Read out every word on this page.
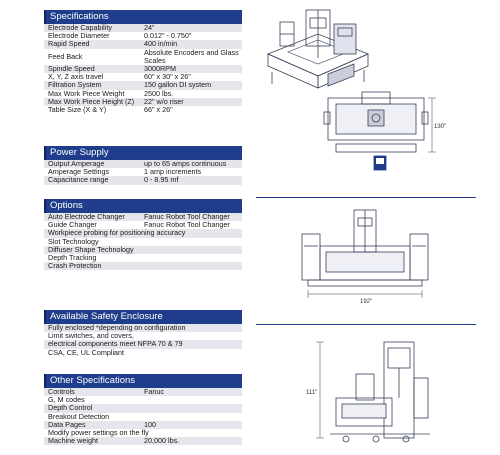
Specifications
Electrode Capability	24"
Electrode Diameter	0.012" - 0.750"
Rapid Speed	400 in/min
Feed Back	Absolute Encoders and Glass Scales
Spindle Speed	3000RPM
X, Y, Z axis travel	60" x 30" x 26"
Filtration System	150 gallon DI system
Max Work Piece Weight	2500 lbs.
Max Work Piece Height (Z)	22" w/o riser
Table Size (X & Y)	66" x 26"
Power Supply
Output Amperage	up to 65 amps continuous
Amperage Settings	1 amp increments
Capacitance range	0 - 8.95 mf
Options
Auto Electrode Changer	Fanuc Robot Tool Changer
Guide Changer	Fanuc Robot Tool Changer
Workpiece probing for positioning accuracy
Slot Technology
Diffuser Shape Technology
Depth Tracking
Crash Protection
Available Safety Enclosure
Fully enclosed *depending on configuration
Limit switches, and covers,
electrical components meet NFPA 70 & 79
CSA, CE, UL Compliant
Other Specifications
Controls	Fanuc
G, M codes
Depth Control
Breakout Detection
Data Pages	100
Modify power settings on the fly
Machine weight	20,000 lbs.
130"
192"
111"
